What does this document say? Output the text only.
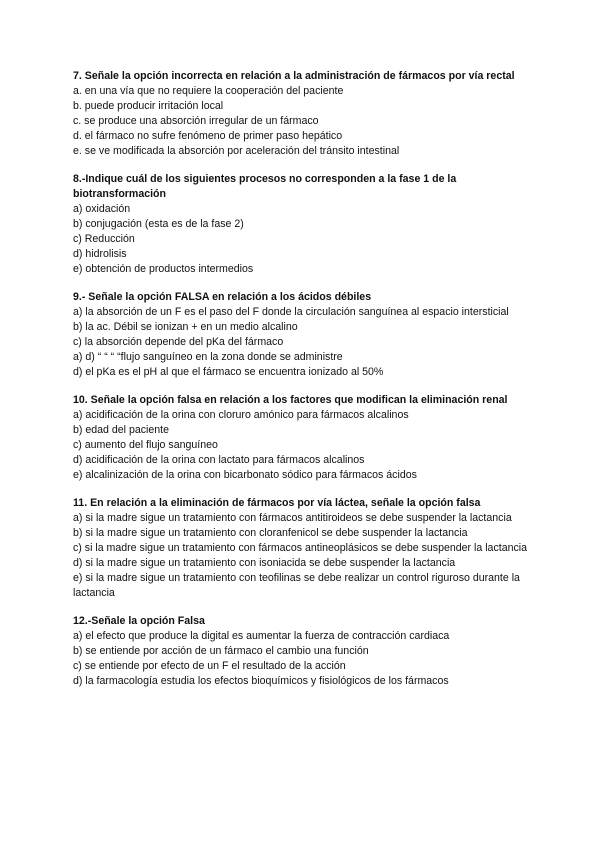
7. Señale la opción incorrecta en relación a la administración de fármacos por vía rectal

a. en una vía que no requiere la cooperación del paciente
b. puede producir irritación local
c. se produce una absorción irregular de un fármaco
d. el fármaco no sufre fenómeno de primer paso hepático
e. se ve modificada la absorción por aceleración del tránsito intestinal

8.-Indique cuál de los siguientes procesos no corresponden a la fase 1 de la biotransformación

a) oxidación
b) conjugación (esta es de la fase 2)
c) Reducción
d) hidrolisis
e) obtención de productos intermedios

9.- Señale la opción FALSA en relación a los ácidos débiles

a) la absorción de un F es el paso del F donde la circulación sanguínea al espacio intersticial
b) la ac. Débil se ionizan + en un medio alcalino
c) la absorción depende del pKa del fármaco
a) d) “ “ “ “flujo sanguíneo en la zona donde se administre
d) el pKa es el pH al que el fármaco se encuentra ionizado al 50%

10. Señale la opción falsa en relación a los factores que modifican la eliminación renal

a) acidificación de la orina con cloruro amónico para fármacos alcalinos
b) edad del paciente
c) aumento del flujo sanguíneo
d) acidificación de la orina con lactato para fármacos alcalinos
e) alcalinización de la orina con bicarbonato sódico para fármacos ácidos

11. En relación a la eliminación de fármacos por vía láctea, señale la opción falsa

a) si la madre sigue un tratamiento con fármacos antitiroideos se debe suspender la lactancia
b) si la madre sigue un tratamiento con cloranfenicol se debe suspender la lactancia
c) si la madre sigue un tratamiento con fármacos antineoplásicos se debe suspender la lactancia
d) si la madre sigue un tratamiento con isoniacida se debe suspender la lactancia
e) si la madre sigue un tratamiento con teofilinas se debe realizar un control riguroso durante la lactancia

12.-Señale la opción Falsa

a) el efecto que produce la digital es aumentar la fuerza de contracción cardiaca
b) se entiende por acción de un fármaco el cambio una función
c) se entiende por efecto de un F el resultado de la acción
d) la farmacología estudia los efectos bioquímicos y fisiológicos de los fármacos
